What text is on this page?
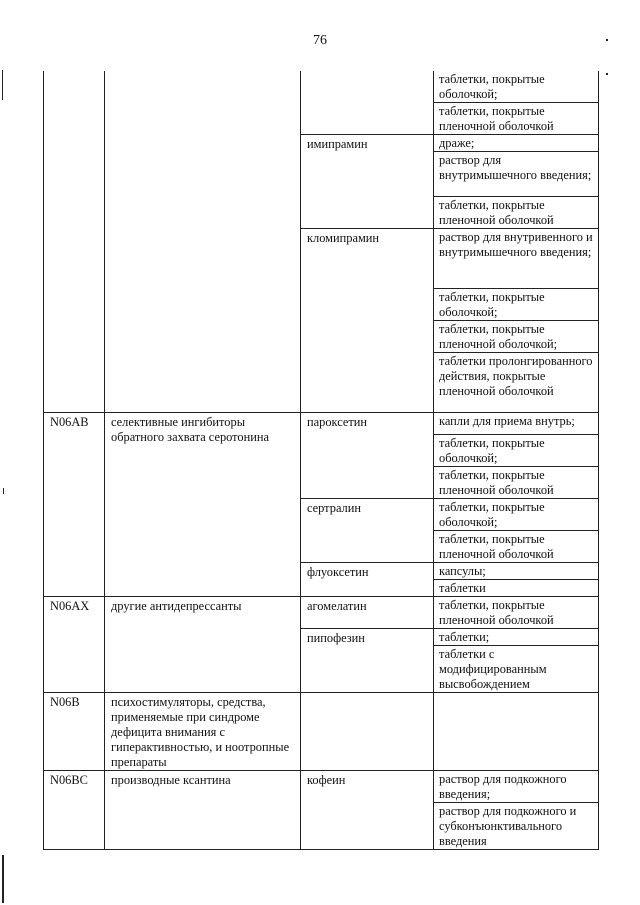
76
			таблетки, покрытые оболочкой;
			таблетки, покрытые пленочной оболочкой
		имипрамин	драже;
			раствор для внутримышечного введения;
			таблетки, покрытые пленочной оболочкой
		кломипрамин	раствор для внутривенного и внутримышечного введения;
			таблетки, покрытые оболочкой;
			таблетки, покрытые пленочной оболочкой;
			таблетки пролонгированного действия, покрытые пленочной оболочкой
N06AB	селективные ингибиторы обратного захвата серотонина	пароксетин	капли для приема внутрь;
			таблетки, покрытые оболочкой;
			таблетки, покрытые пленочной оболочкой
		сертралин	таблетки, покрытые оболочкой;
			таблетки, покрытые пленочной оболочкой
		флуоксетин	капсулы;
			таблетки
N06AX	другие антидепрессанты	агомелатин	таблетки, покрытые пленочной оболочкой
		пипофезин	таблетки;
			таблетки с модифицированным высвобождением
N06B	психостимуляторы, средства, применяемые при синдроме дефицита внимания с гиперактивностью, и ноотропные препараты		
N06BC	производные ксантина	кофеин	раствор для подкожного введения;
			раствор для подкожного и субконъюнктивального введения
